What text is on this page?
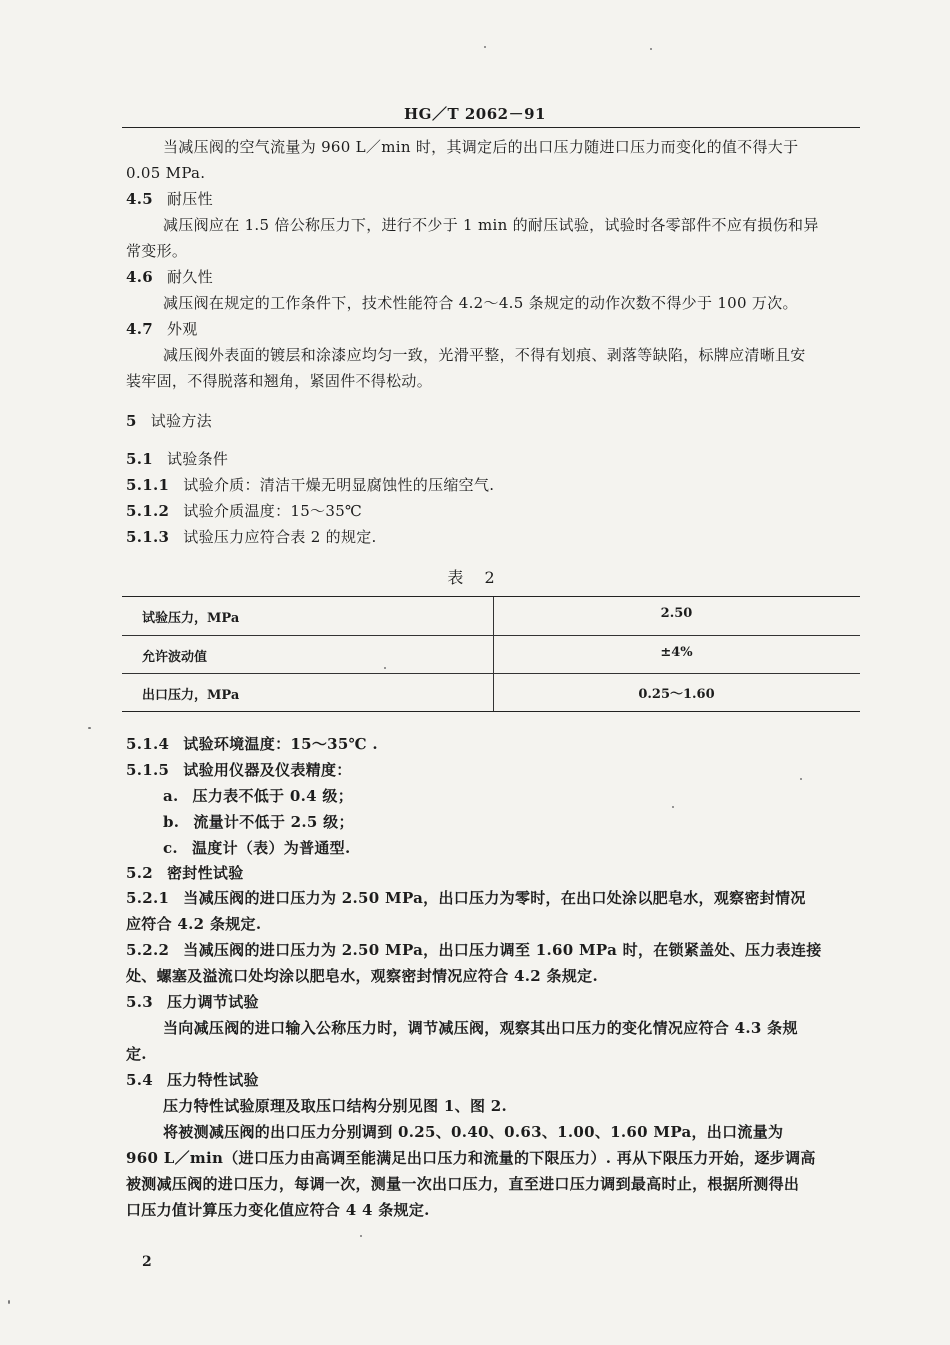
HG／T 2062－91
当减压阀的空气流量为 960 L／min 时，其调定后的出口压力随进口压力而变化的值不得大于
0.05 MPa.
4.5 耐压性
减压阀应在 1.5 倍公称压力下，进行不少于 1 min 的耐压试验，试验时各零部件不应有损伤和异
常变形。
4.6 耐久性
减压阀在规定的工作条件下，技术性能符合 4.2～4.5 条规定的动作次数不得少于 100 万次。
4.7 外观
减压阀外表面的镀层和涂漆应均匀一致，光滑平整，不得有划痕、剥落等缺陷，标牌应清晰且安
装牢固，不得脱落和翘角，紧固件不得松动。
5 试验方法
5.1 试验条件
5.1.1 试验介质：清洁干燥无明显腐蚀性的压缩空气.
5.1.2 试验介质温度：15～35℃
5.1.3 试验压力应符合表 2 的规定.
表 2
试验压力，MPa	2.50
允许波动值	±4%
出口压力，MPa	0.25～1.60
5.1.4 试验环境温度：15～35℃ .
5.1.5 试验用仪器及仪表精度：
a. 压力表不低于 0.4 级；
b. 流量计不低于 2.5 级；
c. 温度计（表）为普通型.
5.2 密封性试验
5.2.1 当减压阀的进口压力为 2.50 MPa，出口压力为零时，在出口处涂以肥皂水，观察密封情况
应符合 4.2 条规定.
5.2.2 当减压阀的进口压力为 2.50 MPa，出口压力调至 1.60 MPa 时，在锁紧盖处、压力表连接
处、螺塞及溢流口处均涂以肥皂水，观察密封情况应符合 4.2 条规定.
5.3 压力调节试验
当向减压阀的进口输入公称压力时，调节减压阀，观察其出口压力的变化情况应符合 4.3 条规
定.
5.4 压力特性试验
压力特性试验原理及取压口结构分别见图 1、图 2.
将被测减压阀的出口压力分别调到 0.25、0.40、0.63、1.00、1.60 MPa，出口流量为
960 L／min（进口压力由高调至能满足出口压力和流量的下限压力）. 再从下限压力开始，逐步调高
被测减压阀的进口压力，每调一次，测量一次出口压力，直至进口压力调到最高时止，根据所测得出
口压力值计算压力变化值应符合 4 4 条规定.
2
